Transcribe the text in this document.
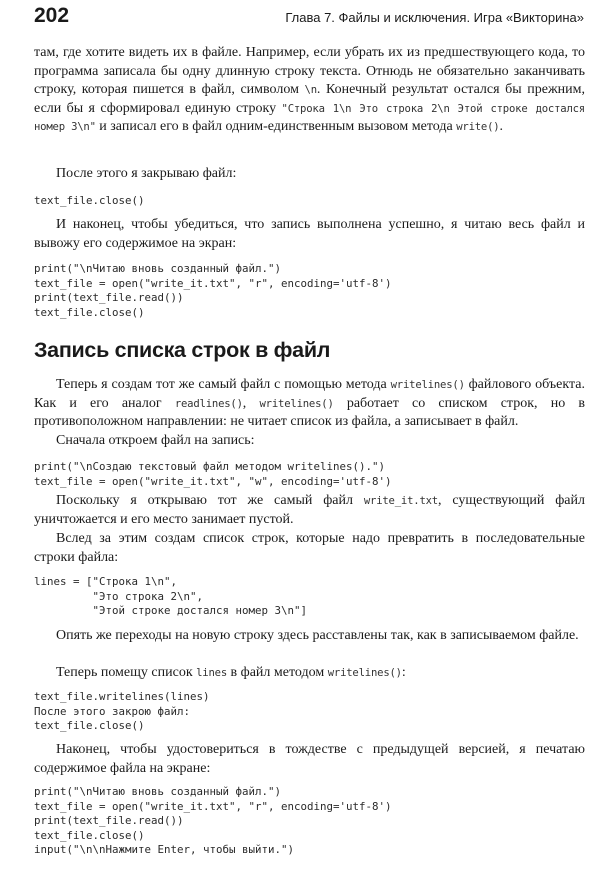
202	Глава 7. Файлы и исключения. Игра «Викторина»

там, где хотите видеть их в файле. Например, если убрать их из предшествующего кода, то программа записала бы одну длинную строку текста. Отнюдь не обязательно заканчивать строку, которая пишется в файл, символом \n. Конечный результат остался бы прежним, если бы я сформировал единую строку "Строка 1\n Это строка 2\n Этой строке достался номер 3\n" и записал его в файл одним-единственным вызовом метода write().

После этого я закрываю файл:

text_file.close()

И наконец, чтобы убедиться, что запись выполнена успешно, я читаю весь файл и вывожу его содержимое на экран:

print("\nЧитаю вновь созданный файл.")
text_file = open("write_it.txt", "r", encoding='utf-8')
print(text_file.read())
text_file.close()
Запись списка строк в файл

Теперь я создам тот же самый файл с помощью метода writelines() файлового объекта. Как и его аналог readlines(), writelines() работает со списком строк, но в противоположном направлении: не читает список из файла, а записывает в файл.

Сначала откроем файл на запись:

print("\nСоздаю текстовый файл методом writelines().")
text_file = open("write_it.txt", "w", encoding='utf-8')

Поскольку я открываю тот же самый файл write_it.txt, существующий файл уничтожается и его место занимает пустой.

Вслед за этим создам список строк, которые надо превратить в последовательные строки файла:

lines = ["Строка 1\n",
"Это строка 2\n",
"Этой строке достался номер 3\n"]

Опять же переходы на новую строку здесь расставлены так, как в записываемом файле.

Теперь помещу список lines в файл методом writelines():

text_file.writelines(lines)
После этого закрою файл:
text_file.close()

Наконец, чтобы удостовериться в тождестве с предыдущей версией, я печатаю содержимое файла на экране:

print("\nЧитаю вновь созданный файл.")
text_file = open("write_it.txt", "r", encoding='utf-8')
print(text_file.read())
text_file.close()
input("\n\nНажмите Enter, чтобы выйти.")
